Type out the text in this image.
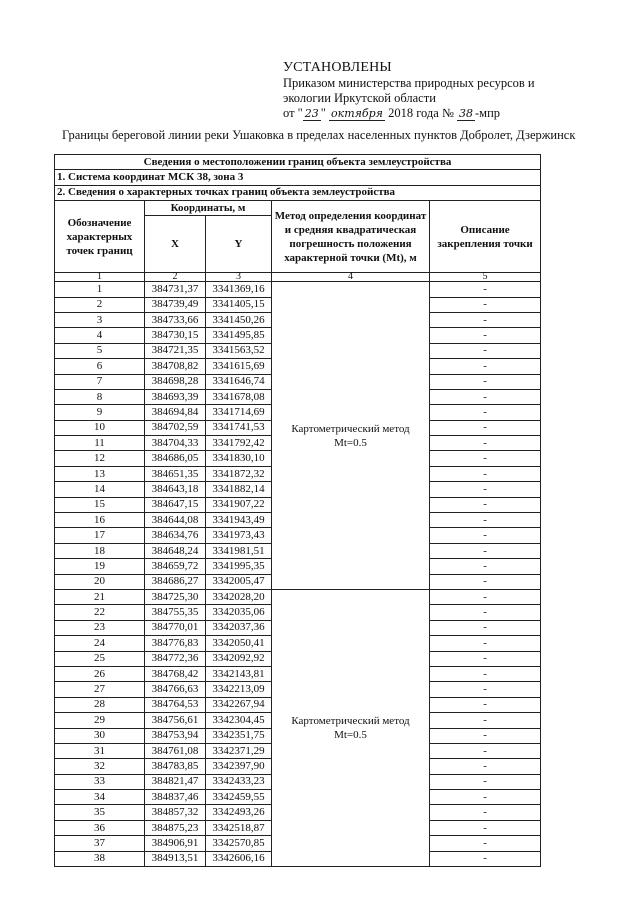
УСТАНОВЛЕНЫ
Приказом министерства природных ресурсов и
экологии Иркутской области
от " 23 " октября 2018 года № 38 -мпр
Границы береговой линии реки Ушаковка в пределах населенных пунктов Добролет, Дзержинск
Сведения о местоположении границ объекта землеустройства				
1. Система координат МСК 38, зона 3				
2. Сведения о характерных точках границ объекта землеустройства				
Обозначение характерных точек границ	Координаты, м		Метод определения координат и средняя квадратическая погрешность положения характерной точки (Mt), м	Описание закрепления точки
	X	Y		
1	2	3	4	5
1	384731,37	3341369,16	Картометрический метод Mt=0.5	-
2	384739,49	3341405,15		-
3	384733,66	3341450,26		-
4	384730,15	3341495,85		-
5	384721,35	3341563,52		-
6	384708,82	3341615,69		-
7	384698,28	3341646,74		-
8	384693,39	3341678,08		-
9	384694,84	3341714,69		-
10	384702,59	3341741,53		-
11	384704,33	3341792,42		-
12	384686,05	3341830,10		-
13	384651,35	3341872,32		-
14	384643,18	3341882,14		-
15	384647,15	3341907,22		-
16	384644,08	3341943,49		-
17	384634,76	3341973,43		-
18	384648,24	3341981,51		-
19	384659,72	3341995,35		-
20	384686,27	3342005,47		-
21	384725,30	3342028,20	Картометрический метод Mt=0.5	-
22	384755,35	3342035,06		-
23	384770,01	3342037,36		-
24	384776,83	3342050,41		-
25	384772,36	3342092,92		-
26	384768,42	3342143,81		-
27	384766,63	3342213,09		-
28	384764,53	3342267,94		-
29	384756,61	3342304,45		-
30	384753,94	3342351,75		-
31	384761,08	3342371,29		-
32	384783,85	3342397,90		-
33	384821,47	3342433,23		-
34	384837,46	3342459,55		-
35	384857,32	3342493,26		-
36	384875,23	3342518,87		-
37	384906,91	3342570,85		-
38	384913,51	3342606,16		-
